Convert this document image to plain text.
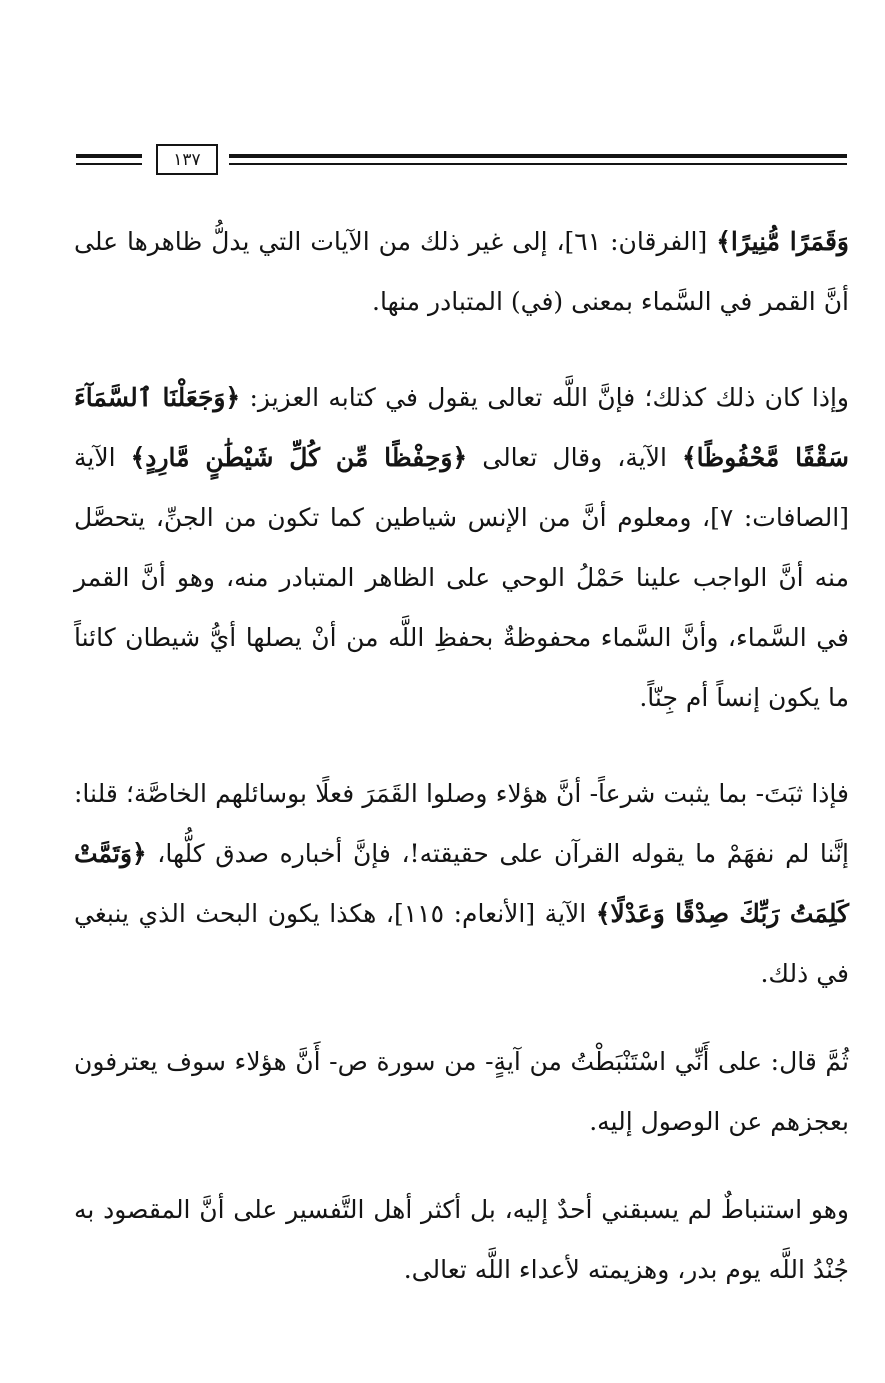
١٣٧

وَقَمَرًا مُّنِيرًا﴾ [الفرقان: ٦١]، إلى غير ذلك من الآيات التي يدلُّ ظاهرها على أنَّ القمر في السَّماء بمعنى (في) المتبادر منها.

وإذا كان ذلك كذلك؛ فإنَّ اللَّه تعالى يقول في كتابه العزيز: ﴿وَجَعَلْنَا ٱلسَّمَآءَ سَقْفًا مَّحْفُوظًا﴾ الآية، وقال تعالى ﴿وَحِفْظًا مِّن كُلِّ شَيْطَٰنٍ مَّارِدٍ﴾ الآية [الصافات: ٧]، ومعلوم أنَّ من الإنس شياطين كما تكون من الجنِّ، يتحصَّل منه أنَّ الواجب علينا حَمْلُ الوحي على الظاهر المتبادر منه، وهو أنَّ القمر في السَّماء، وأنَّ السَّماء محفوظةٌ بحفظِ اللَّه من أنْ يصلها أيُّ شيطان كائناً ما يكون إنساً أم جِنّاً.

فإذا ثبَتَ- بما يثبت شرعاً- أنَّ هؤلاء وصلوا القَمَرَ فعلًا بوسائلهم الخاصَّة؛ قلنا: إنَّنا لم نفهَمْ ما يقوله القرآن على حقيقته!، فإنَّ أخباره صدق كلُّها، ﴿وَتَمَّتْ كَلِمَتُ رَبِّكَ صِدْقًا وَعَدْلًا﴾ الآية [الأنعام: ١١٥]، هكذا يكون البحث الذي ينبغي في ذلك.

ثُمَّ قال: على أَنِّي اسْتَنْبَطْتُ من آيةٍ- من سورة ص- أَنَّ هؤلاء سوف يعترفون بعجزهم عن الوصول إليه.

وهو استنباطٌ لم يسبقني أحدٌ إليه، بل أكثر أهل التَّفسير على أنَّ المقصود به جُنْدُ اللَّه يوم بدر، وهزيمته لأعداء اللَّه تعالى.
